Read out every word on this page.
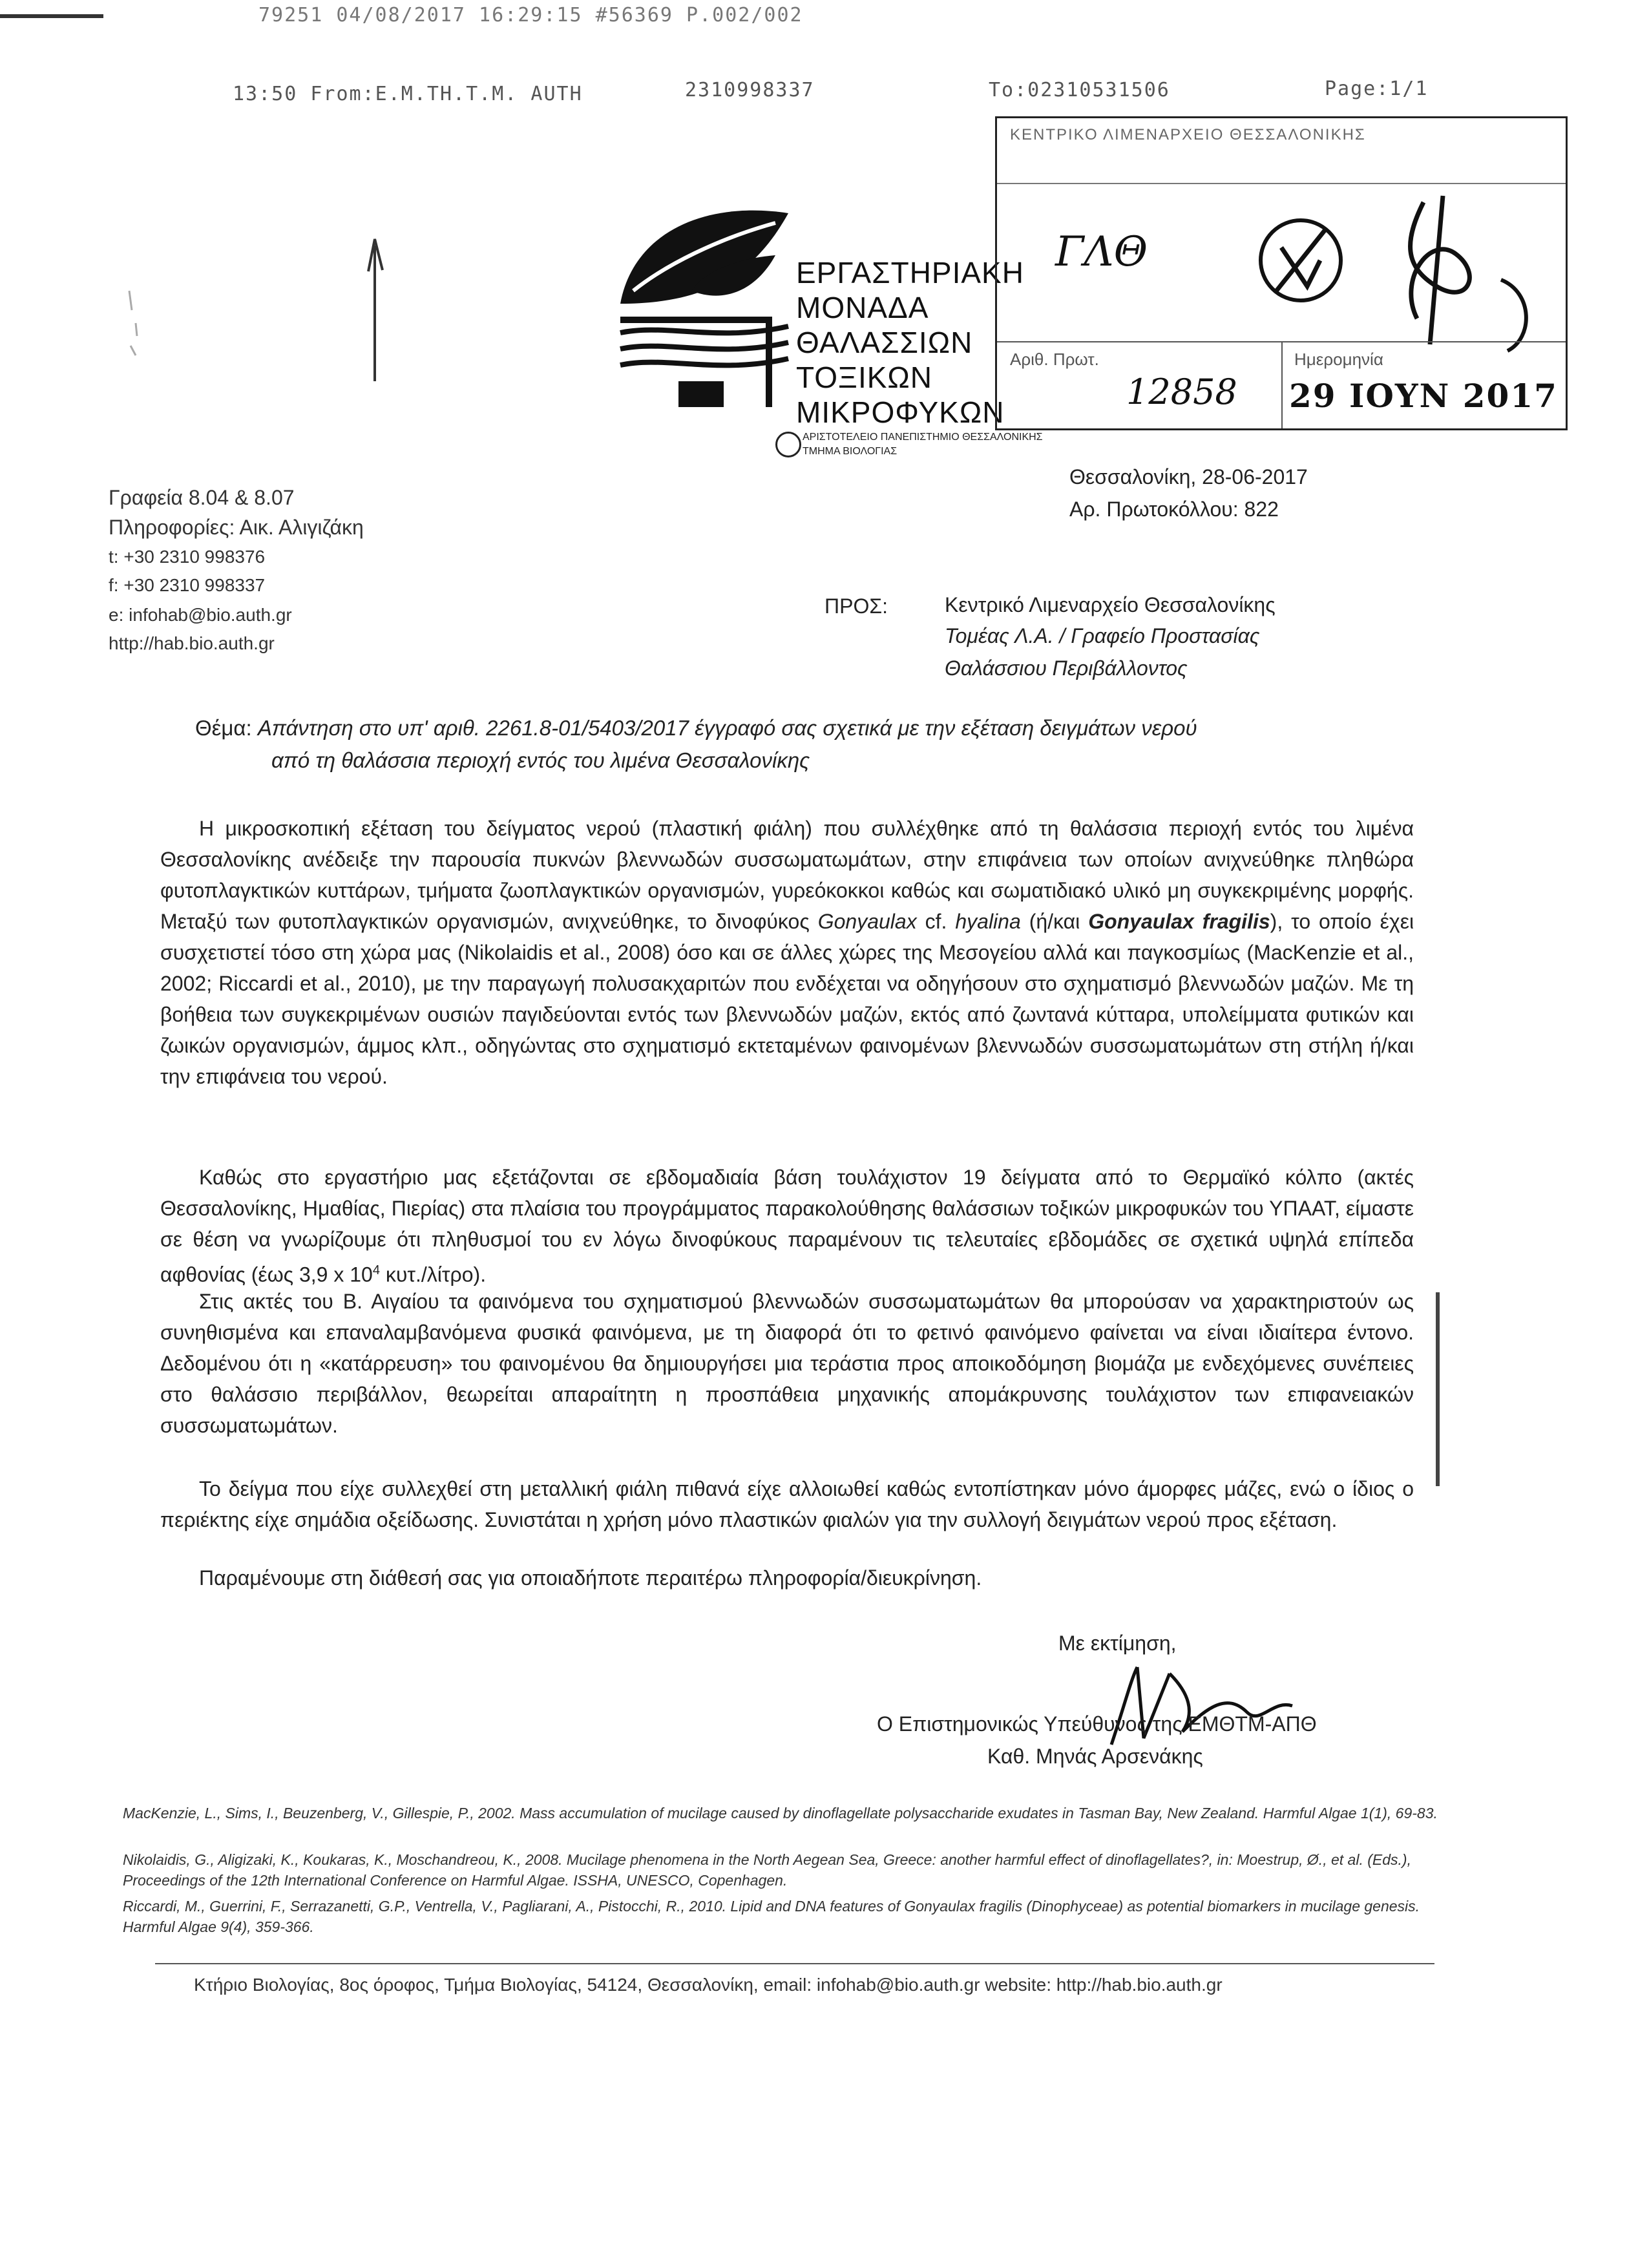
79251 04/08/2017 16:29:15 #56369 P.002/002
13:50 From:E.M.TH.T.M. AUTH	2310998337	To:02310531506	Page:1/1
ΕΡΓΑΣΤΗΡΙΑΚΗ
ΜΟΝΑΔΑ
ΘΑΛΑΣΣΙΩΝ
ΤΟΞΙΚΩΝ
ΜΙΚΡΟΦΥΚΩΝ
ΑΡΙΣΤΟΤΕΛΕΙΟ ΠΑΝΕΠΙΣΤΗΜΙΟ ΘΕΣΣΑΛΟΝΙΚΗΣ
ΤΜΗΜΑ ΒΙΟΛΟΓΙΑΣ
ΚΕΝΤΡΙΚΟ ΛΙΜΕΝΑΡΧΕΙΟ ΘΕΣΣΑΛΟΝΙΚΗΣ
ΓΛΘ
Αριθ. Πρωτ.	Ημερομηνία
12858 29 ΙΟΥΝ 2017
Γραφεία 8.04 & 8.07
Πληροφορίες: Αικ. Αλιγιζάκη
t: +30 2310 998376
f: +30 2310 998337
e: infohab@bio.auth.gr
http://hab.bio.auth.gr
Θεσσαλονίκη, 28-06-2017
Αρ. Πρωτοκόλλου: 822
ΠΡΟΣ:	Κεντρικό Λιμεναρχείο Θεσσαλονίκης
Τομέας Λ.Α. / Γραφείο Προστασίας
Θαλάσσιου Περιβάλλοντος
Θέμα: Απάντηση στο υπ' αριθ. 2261.8-01/5403/2017 έγγραφό σας σχετικά με την εξέταση δειγμάτων νερού
από τη θαλάσσια περιοχή εντός του λιμένα Θεσσαλονίκης

Η μικροσκοπική εξέταση του δείγματος νερού (πλαστική φιάλη) που συλλέχθηκε από τη θαλάσσια περιοχή εντός του λιμένα Θεσσαλονίκης ανέδειξε την παρουσία πυκνών βλεννωδών συσσωματωμάτων, στην επιφάνεια των οποίων ανιχνεύθηκε πληθώρα φυτοπλαγκτικών κυττάρων, τμήματα ζωοπλαγκτικών οργανισμών, γυρεόκοκκοι καθώς και σωματιδιακό υλικό μη συγκεκριμένης μορφής. Μεταξύ των φυτοπλαγκτικών οργανισμών, ανιχνεύθηκε, το δινοφύκος Gonyaulax cf. hyalina (ή/και Gonyaulax fragilis), το οποίο έχει συσχετιστεί τόσο στη χώρα μας (Nikolaidis et al., 2008) όσο και σε άλλες χώρες της Μεσογείου αλλά και παγκοσμίως (MacKenzie et al., 2002; Riccardi et al., 2010), με την παραγωγή πολυσακχαριτών που ενδέχεται να οδηγήσουν στο σχηματισμό βλεννωδών μαζών. Με τη βοήθεια των συγκεκριμένων ουσιών παγιδεύονται εντός των βλεννωδών μαζών, εκτός από ζωντανά κύτταρα, υπολείμματα φυτικών και ζωικών οργανισμών, άμμος κλπ., οδηγώντας στο σχηματισμό εκτεταμένων φαινομένων βλεννωδών συσσωματωμάτων στη στήλη ή/και την επιφάνεια του νερού.

Καθώς στο εργαστήριο μας εξετάζονται σε εβδομαδιαία βάση τουλάχιστον 19 δείγματα από το Θερμαϊκό κόλπο (ακτές Θεσσαλονίκης, Ημαθίας, Πιερίας) στα πλαίσια του προγράμματος παρακολούθησης θαλάσσιων τοξικών μικροφυκών του ΥΠΑΑΤ, είμαστε σε θέση να γνωρίζουμε ότι πληθυσμοί του εν λόγω δινοφύκους παραμένουν τις τελευταίες εβδομάδες σε σχετικά υψηλά επίπεδα αφθονίας (έως 3,9 x $10^4$ κυτ./λίτρο).

Στις ακτές του Β. Αιγαίου τα φαινόμενα του σχηματισμού βλεννωδών συσσωματωμάτων θα μπορούσαν να χαρακτηριστούν ως συνηθισμένα και επαναλαμβανόμενα φυσικά φαινόμενα, με τη διαφορά ότι το φετινό φαινόμενο φαίνεται να είναι ιδιαίτερα έντονο. Δεδομένου ότι η «κατάρρευση» του φαινομένου θα δημιουργήσει μια τεράστια προς αποικοδόμηση βιομάζα με ενδεχόμενες συνέπειες στο θαλάσσιο περιβάλλον, θεωρείται απαραίτητη η προσπάθεια μηχανικής απομάκρυνσης τουλάχιστον των επιφανειακών συσσωματωμάτων.

Το δείγμα που είχε συλλεχθεί στη μεταλλική φιάλη πιθανά είχε αλλοιωθεί καθώς εντοπίστηκαν μόνο άμορφες μάζες, ενώ ο ίδιος ο περιέκτης είχε σημάδια οξείδωσης. Συνιστάται η χρήση μόνο πλαστικών φιαλών για την συλλογή δειγμάτων νερού προς εξέταση.

Παραμένουμε στη διάθεσή σας για οποιαδήποτε περαιτέρω πληροφορία/διευκρίνηση.

Με εκτίμηση,
Ο Επιστημονικώς Υπεύθυνος της ΕΜΘΤΜ-ΑΠΘ
Καθ. Μηνάς Αρσενάκης

MacKenzie, L., Sims, I., Beuzenberg, V., Gillespie, P., 2002. Mass accumulation of mucilage caused by dinoflagellate polysaccharide exudates in Tasman Bay, New Zealand. Harmful Algae 1(1), 69-83.

Nikolaidis, G., Aligizaki, K., Koukaras, K., Moschandreou, K., 2008. Mucilage phenomena in the North Aegean Sea, Greece: another harmful effect of dinoflagellates?, in: Moestrup, Ø., et al. (Eds.), Proceedings of the 12th International Conference on Harmful Algae. ISSHA, UNESCO, Copenhagen.

Riccardi, M., Guerrini, F., Serrazanetti, G.P., Ventrella, V., Pagliarani, A., Pistocchi, R., 2010. Lipid and DNA features of Gonyaulax fragilis (Dinophyceae) as potential biomarkers in mucilage genesis. Harmful Algae 9(4), 359-366.

Κτήριο Βιολογίας, 8ος όροφος, Τμήμα Βιολογίας, 54124, Θεσσαλονίκη, email: infohab@bio.auth.gr website: http://hab.bio.auth.gr
